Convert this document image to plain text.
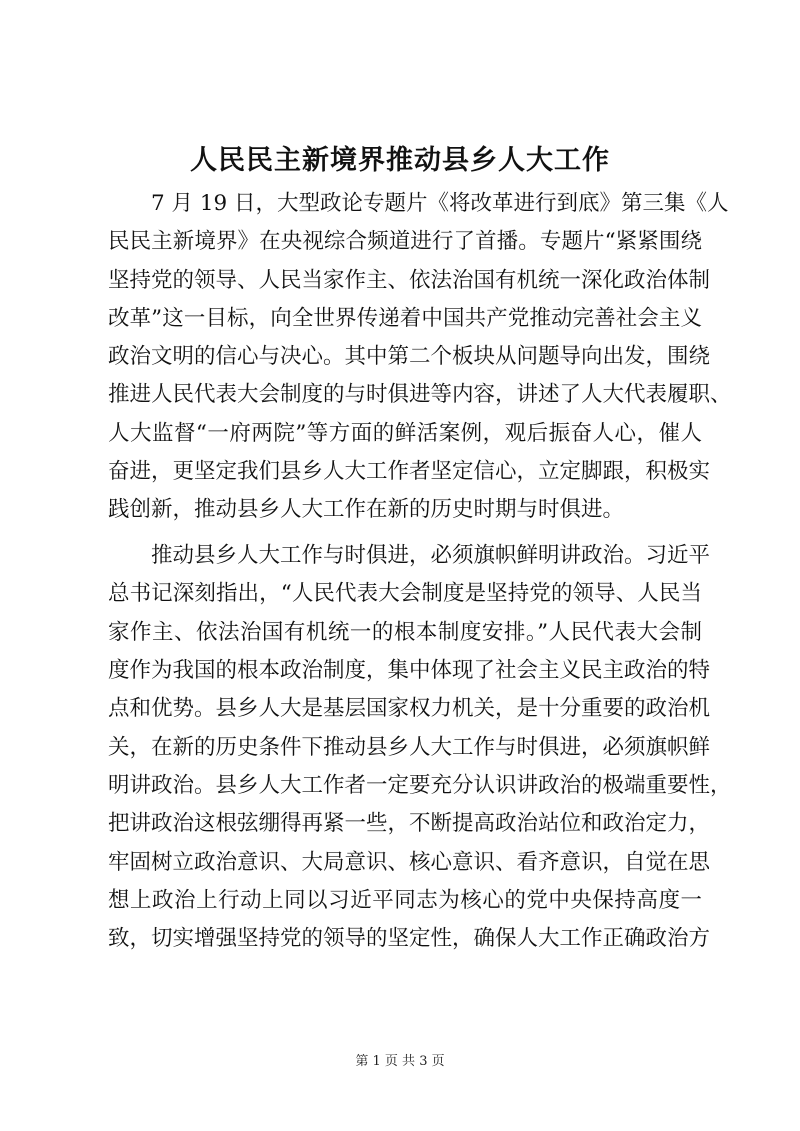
人民民主新境界推动县乡人大工作
7 月 19 日，大型政论专题片《将改革进行到底》第三集《人
民民主新境界》在央视综合频道进行了首播。专题片“紧紧围绕
坚持党的领导、人民当家作主、依法治国有机统一深化政治体制
改革”这一目标，向全世界传递着中国共产党推动完善社会主义
政治文明的信心与决心。其中第二个板块从问题导向出发，围绕
推进人民代表大会制度的与时俱进等内容，讲述了人大代表履职、
人大监督“一府两院”等方面的鲜活案例，观后振奋人心，催人
奋进，更坚定我们县乡人大工作者坚定信心，立定脚跟，积极实
践创新，推动县乡人大工作在新的历史时期与时俱进。
推动县乡人大工作与时俱进，必须旗帜鲜明讲政治。习近平
总书记深刻指出，“人民代表大会制度是坚持党的领导、人民当
家作主、依法治国有机统一的根本制度安排。”人民代表大会制
度作为我国的根本政治制度，集中体现了社会主义民主政治的特
点和优势。县乡人大是基层国家权力机关，是十分重要的政治机
关，在新的历史条件下推动县乡人大工作与时俱进，必须旗帜鲜
明讲政治。县乡人大工作者一定要充分认识讲政治的极端重要性，
把讲政治这根弦绷得再紧一些，不断提高政治站位和政治定力，
牢固树立政治意识、大局意识、核心意识、看齐意识，自觉在思
想上政治上行动上同以习近平同志为核心的党中央保持高度一
致，切实增强坚持党的领导的坚定性，确保人大工作正确政治方
第 1 页 共 3 页
